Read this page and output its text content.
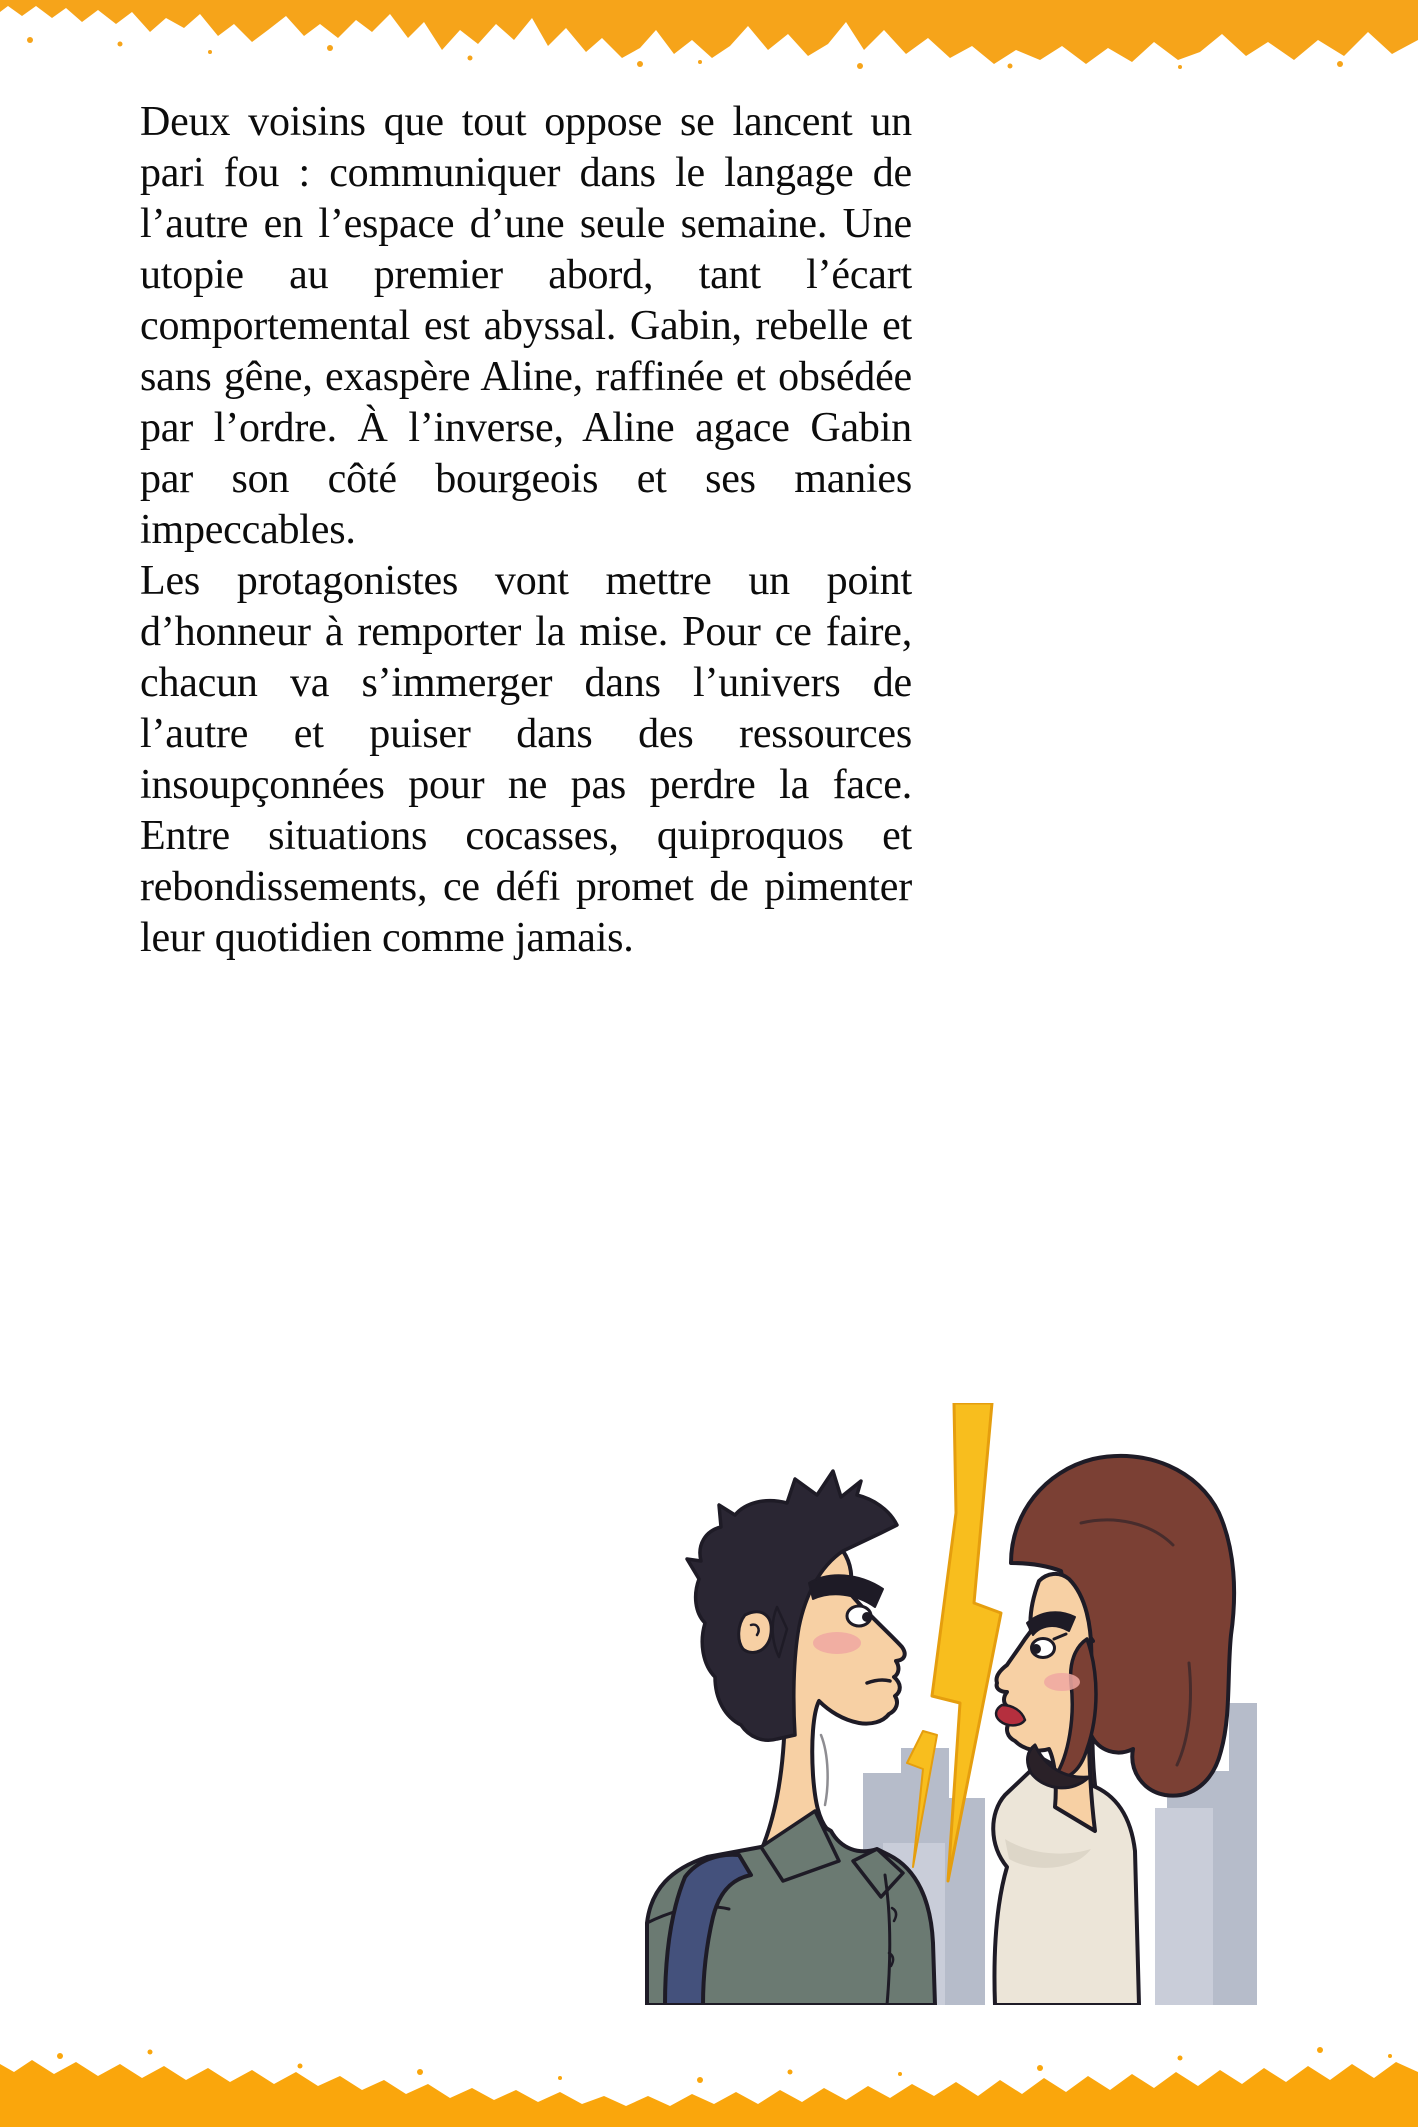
Deux voisins que tout oppose se lancent un pari fou : communiquer dans le langage de l’autre en l’espace d’une seule semaine. Une utopie au premier abord, tant l’écart comportemental est abyssal. Gabin, rebelle et sans gêne, exaspère Aline, raffinée et obsédée par l’ordre. À l’inverse, Aline agace Gabin par son côté bourgeois et ses manies impeccables.

Les protagonistes vont mettre un point d’honneur à remporter la mise. Pour ce faire, chacun va s’immerger dans l’univers de l’autre et puiser dans des ressources insoupçonnées pour ne pas perdre la face. Entre situations cocasses, quiproquos et rebondissements, ce défi promet de pimenter leur quotidien comme jamais.
